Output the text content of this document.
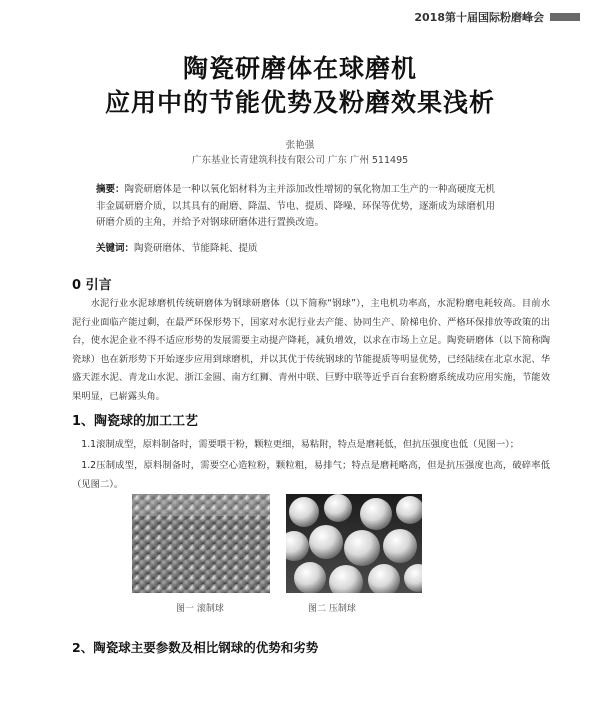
2018第十届国际粉磨峰会
陶瓷研磨体在球磨机
应用中的节能优势及粉磨效果浅析
张艳强
广东基业长青建筑科技有限公司 广东 广州 511495
摘要：陶瓷研磨体是一种以氧化铝材料为主并添加改性增韧的氧化物加工生产的一种高硬度无机非金属研磨介质，以其具有的耐磨、降温、节电、提质、降噪、环保等优势，逐渐成为球磨机用研磨介质的主角，并给予对钢球研磨体进行置换改造。
关键词：陶瓷研磨体、节能降耗、提质
0 引言
水泥行业水泥球磨机传统研磨体为钢球研磨体（以下简称“钢球”），主电机功率高，水泥粉磨电耗较高。目前水泥行业面临产能过剩，在最严环保形势下，国家对水泥行业去产能、协同生产、阶梯电价、严格环保排放等政策的出台，使水泥企业不得不适应形势的发展需要主动提产降耗，减负增效，以求在市场上立足。陶瓷研磨体（以下简称陶瓷球）也在新形势下开始逐步应用到球磨机，并以其优于传统钢球的节能提质等明显优势，已经陆续在北京水泥、华盛天涯水泥、青龙山水泥、浙江金圆、南方红狮、青州中联、巨野中联等近乎百台套粉磨系统成功应用实施，节能效果明显，已崭露头角。
1、陶瓷球的加工工艺
1.1滚制成型，原料制备时，需要喂干粉，颗粒更细，易粘附，特点是磨耗低，但抗压强度也低（见图一）；
1.2压制成型，原料制备时，需要空心造粒粉，颗粒粗，易排气；特点是磨耗略高，但是抗压强度也高，破碎率低（见图二）。
图一 滚制球	图二 压制球
2、陶瓷球主要参数及相比钢球的优势和劣势
